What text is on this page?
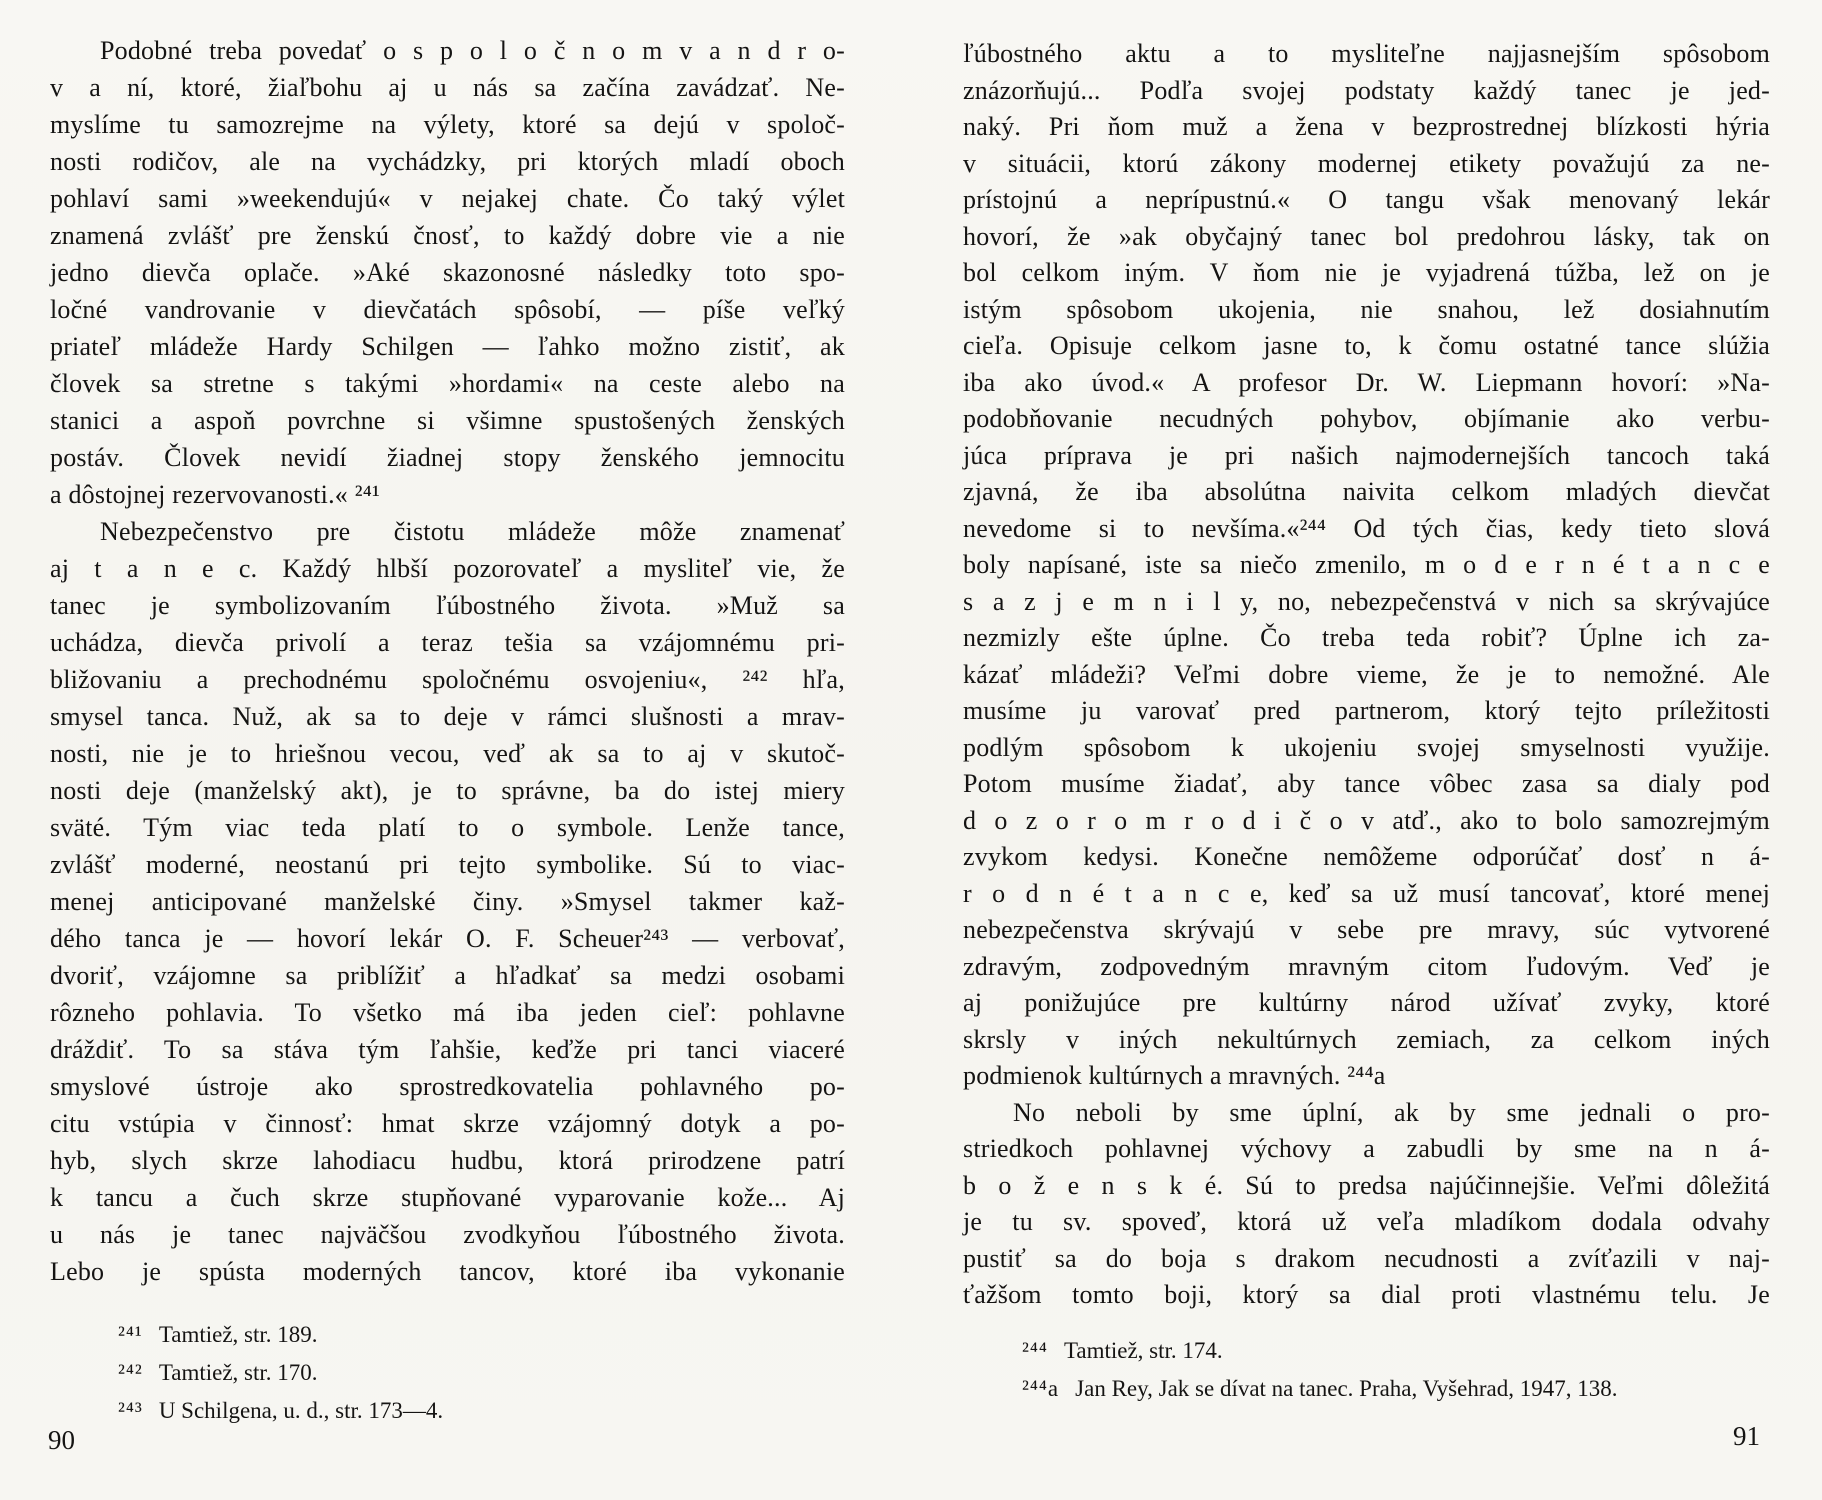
Podobné treba povedať o s p o l o č n o m v a n d r o-
v a ní, ktoré, žiaľbohu aj u nás sa začína zavádzať. Ne-
myslíme tu samozrejme na výlety, ktoré sa dejú v spoloč-
nosti rodičov, ale na vychádzky, pri ktorých mladí oboch
pohlaví sami »weekendujú« v nejakej chate. Čo taký výlet
znamená zvlášť pre ženskú čnosť, to každý dobre vie a nie
jedno dievča oplače. »Aké skazonosné následky toto spo-
ločné vandrovanie v dievčatách spôsobí, — píše veľký
priateľ mládeže Hardy Schilgen — ľahko možno zistiť, ak
človek sa stretne s takými »hordami« na ceste alebo na
stanici a aspoň povrchne si všimne spustošených ženských
postáv. Človek nevidí žiadnej stopy ženského jemnocitu
a dôstojnej rezervovanosti.« ²⁴¹
Nebezpečenstvo pre čistotu mládeže môže znamenať
aj t a n e c. Každý hlbší pozorovateľ a mysliteľ vie, že
tanec je symbolizovaním ľúbostného života. »Muž sa
uchádza, dievča privolí a teraz tešia sa vzájomnému pri-
bližovaniu a prechodnému spoločnému osvojeniu«, ²⁴² hľa,
smysel tanca. Nuž, ak sa to deje v rámci slušnosti a mrav-
nosti, nie je to hriešnou vecou, veď ak sa to aj v skutoč-
nosti deje (manželský akt), je to správne, ba do istej miery
sväté. Tým viac teda platí to o symbole. Lenže tance,
zvlášť moderné, neostanú pri tejto symbolike. Sú to viac-
menej anticipované manželské činy. »Smysel takmer kaž-
dého tanca je — hovorí lekár O. F. Scheuer²⁴³ — verbovať,
dvoriť, vzájomne sa priblížiť a hľadkať sa medzi osobami
rôzneho pohlavia. To všetko má iba jeden cieľ: pohlavne
dráždiť. To sa stáva tým ľahšie, keďže pri tanci viaceré
smyslové ústroje ako sprostredkovatelia pohlavného po-
citu vstúpia v činnosť: hmat skrze vzájomný dotyk a po-
hyb, slych skrze lahodiacu hudbu, ktorá prirodzene patrí
k tancu a čuch skrze stupňované vyparovanie kože... Aj
u nás je tanec najväčšou zvodkyňou ľúbostného života.
Lebo je spústa moderných tancov, ktoré iba vykonanie
²⁴¹ Tamtiež, str. 189.
²⁴² Tamtiež, str. 170.
²⁴³ U Schilgena, u. d., str. 173—4.
90
ľúbostného aktu a to mysliteľne najjasnejším spôsobom
znázorňujú... Podľa svojej podstaty každý tanec je jed-
naký. Pri ňom muž a žena v bezprostrednej blízkosti hýria
v situácii, ktorú zákony modernej etikety považujú za ne-
prístojnú a neprípustnú.« O tangu však menovaný lekár
hovorí, že »ak obyčajný tanec bol predohrou lásky, tak on
bol celkom iným. V ňom nie je vyjadrená túžba, lež on je
istým spôsobom ukojenia, nie snahou, lež dosiahnutím
cieľa. Opisuje celkom jasne to, k čomu ostatné tance slúžia
iba ako úvod.« A profesor Dr. W. Liepmann hovorí: »Na-
podobňovanie necudných pohybov, objímanie ako verbu-
júca príprava je pri našich najmodernejších tancoch taká
zjavná, že iba absolútna naivita celkom mladých dievčat
nevedome si to nevšíma.«²⁴⁴ Od tých čias, kedy tieto slová
boly napísané, iste sa niečo zmenilo, m o d e r n é t a n c e
s a z j e m n i l y, no, nebezpečenstvá v nich sa skrývajúce
nezmizly ešte úplne. Čo treba teda robiť? Úplne ich za-
kázať mládeži? Veľmi dobre vieme, že je to nemožné. Ale
musíme ju varovať pred partnerom, ktorý tejto príležitosti
podlým spôsobom k ukojeniu svojej smyselnosti využije.
Potom musíme žiadať, aby tance vôbec zasa sa dialy pod
d o z o r o m r o d i č o v atď., ako to bolo samozrejmým
zvykom kedysi. Konečne nemôžeme odporúčať dosť n á-
r o d n é t a n c e, keď sa už musí tancovať, ktoré menej
nebezpečenstva skrývajú v sebe pre mravy, súc vytvorené
zdravým, zodpovedným mravným citom ľudovým. Veď je
aj ponižujúce pre kultúrny národ užívať zvyky, ktoré
skrsly v iných nekultúrnych zemiach, za celkom iných
podmienok kultúrnych a mravných. ²⁴⁴a
No neboli by sme úplní, ak by sme jednali o pro-
striedkoch pohlavnej výchovy a zabudli by sme na n á-
b o ž e n s k é. Sú to predsa najúčinnejšie. Veľmi dôležitá
je tu sv. spoveď, ktorá už veľa mladíkom dodala odvahy
pustiť sa do boja s drakom necudnosti a zvíťazili v naj-
ťažšom tomto boji, ktorý sa dial proti vlastnému telu. Je
²⁴⁴ Tamtiež, str. 174.
²⁴⁴a Jan Rey, Jak se dívat na tanec. Praha, Vyšehrad, 1947, 138.
91
